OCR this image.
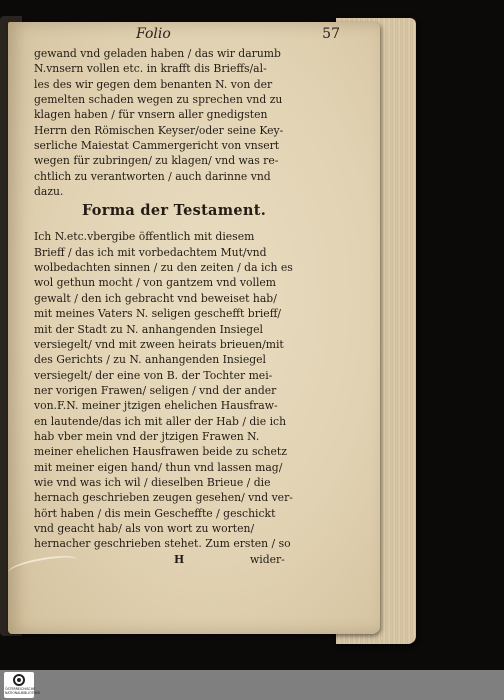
Folio	57
gewand vnd geladen haben / das wir darumb
N.vnsern vollen etc. in krafft dis Brieffs/al-
les des wir gegen dem benanten N. von der
gemelten schaden wegen zu sprechen vnd zu
klagen haben / für vnsern aller gnedigsten
Herrn den Römischen Keyser/oder seine Key-
serliche Maiestat Cammergericht von vnsert
wegen für zubringen/ zu klagen/ vnd was re-
chtlich zu verantworten / auch darinne vnd
dazu.
Forma der Testament.
Ich N.etc.vbergibe öffentlich mit diesem
Brieff / das ich mit vorbedachtem Mut/vnd
wolbedachten sinnen / zu den zeiten / da ich es
wol gethun mocht / von gantzem vnd vollem
gewalt / den ich gebracht vnd beweiset hab/
mit meines Vaters N. seligen geschefft brieff/
mit der Stadt zu N. anhangenden Insiegel
versiegelt/ vnd mit zween heirats brieuen/mit
des Gerichts / zu N. anhangenden Insiegel
versiegelt/ der eine von B. der Tochter mei-
ner vorigen Frawen/ seligen / vnd der ander
von.F.N. meiner jtzigen ehelichen Hausfraw-
en lautende/das ich mit aller der Hab / die ich
hab vber mein vnd der jtzigen Frawen N.
meiner ehelichen Hausfrawen beide zu schetz
mit meiner eigen hand/ thun vnd lassen mag/
wie vnd was ich wil / dieselben Brieue / die
hernach geschrieben zeugen gesehen/ vnd ver-
hört haben / dis mein Gescheffte / geschickt
vnd geacht hab/ als von wort zu worten/
hernacher geschrieben stehet. Zum ersten / so
H	wider-
ÖSTERREICHISCHE NATIONALBIBLIOTHEK
